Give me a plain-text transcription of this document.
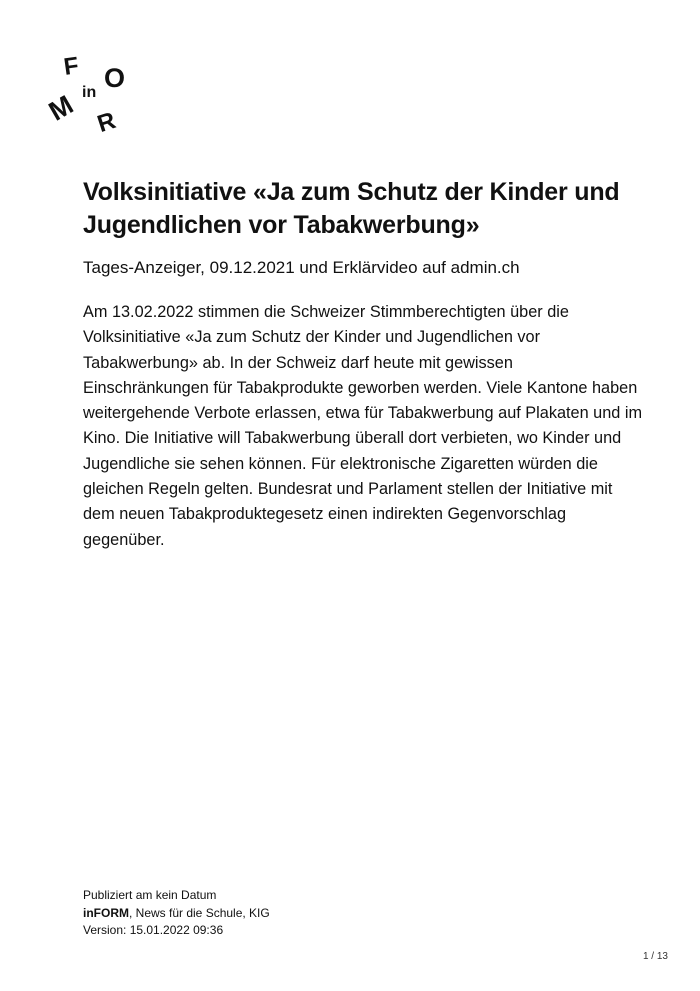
F O
in
M R
Volksinitiative «Ja zum Schutz der Kinder und Jugendlichen vor Tabakwerbung»

Tages-Anzeiger, 09.12.2021 und Erklärvideo auf admin.ch

Am 13.02.2022 stimmen die Schweizer Stimmberechtigten über die Volksinitiative «Ja zum Schutz der Kinder und Jugendlichen vor Tabakwerbung» ab. In der Schweiz darf heute mit gewissen Einschränkungen für Tabakprodukte geworben werden. Viele Kantone haben weitergehende Verbote erlassen, etwa für Tabakwerbung auf Plakaten und im Kino. Die Initiative will Tabakwerbung überall dort verbieten, wo Kinder und Jugendliche sie sehen können. Für elektronische Zigaretten würden die gleichen Regeln gelten. Bundesrat und Parlament stellen der Initiative mit dem neuen Tabakproduktegesetz einen indirekten Gegenvorschlag gegenüber.

Publiziert am kein Datum
inFORM, News für die Schule, KIG
Version: 15.01.2022 09:36
1 / 13
